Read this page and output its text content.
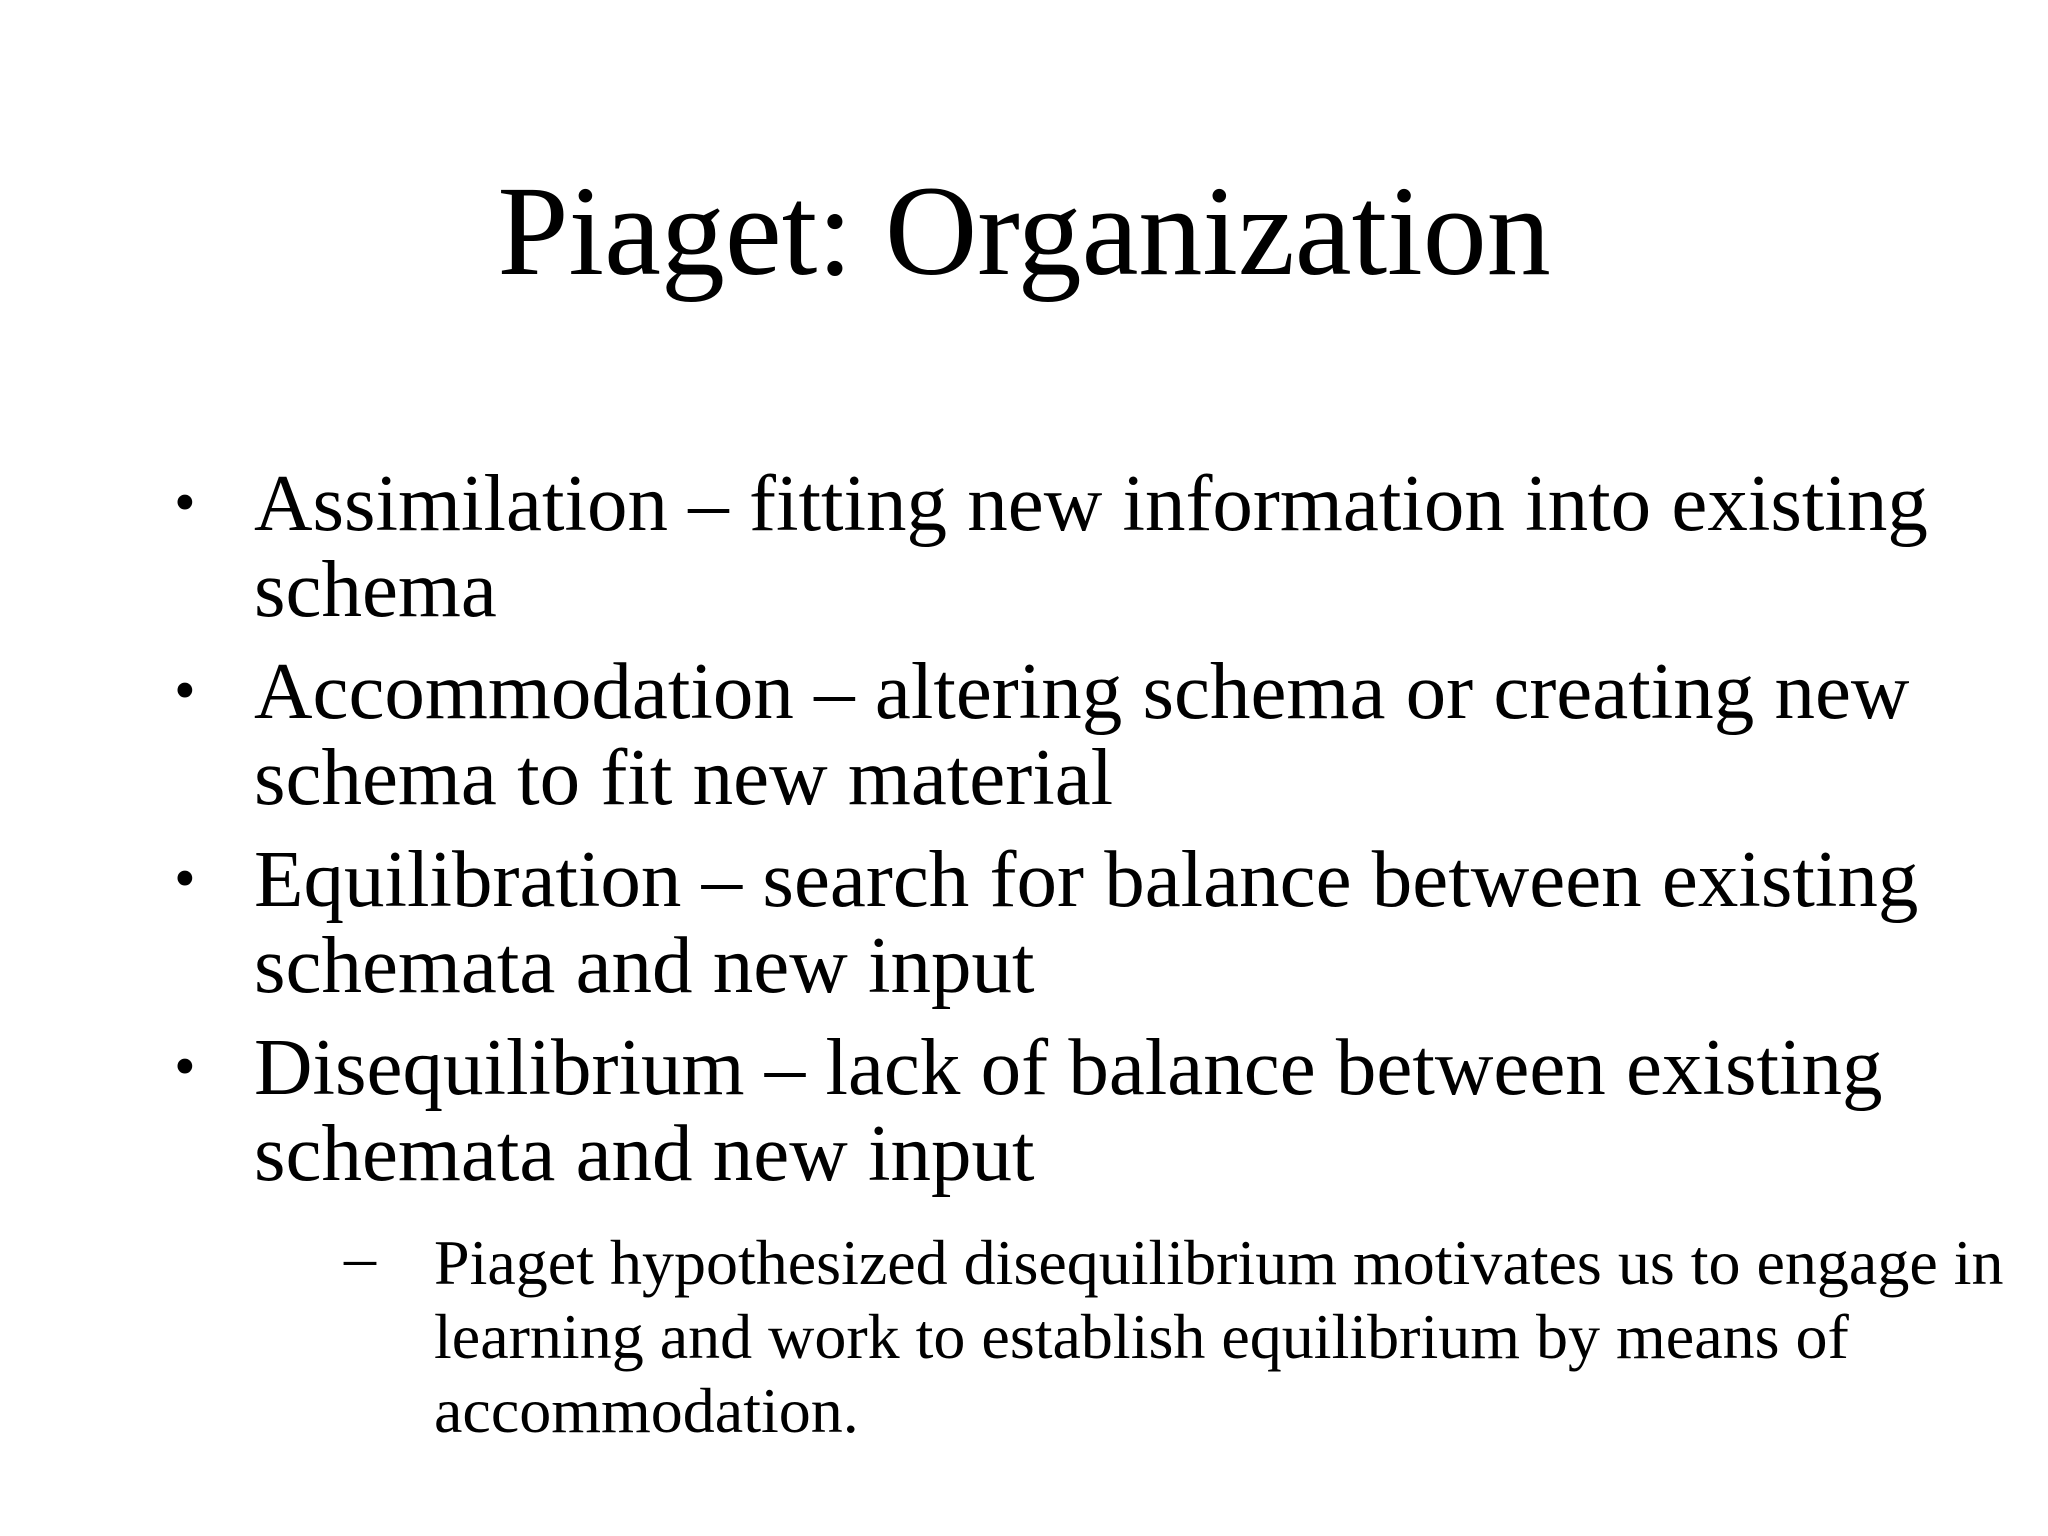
Piaget: Organization
• Assimilation – fitting new information into existing schema
• Accommodation – altering schema or creating new schema to fit new material
• Equilibration – search for balance between existing schemata and new input
• Disequilibrium – lack of balance between existing schemata and new input
– Piaget hypothesized disequilibrium motivates us to engage in learning and work to establish equilibrium by means of accommodation.
